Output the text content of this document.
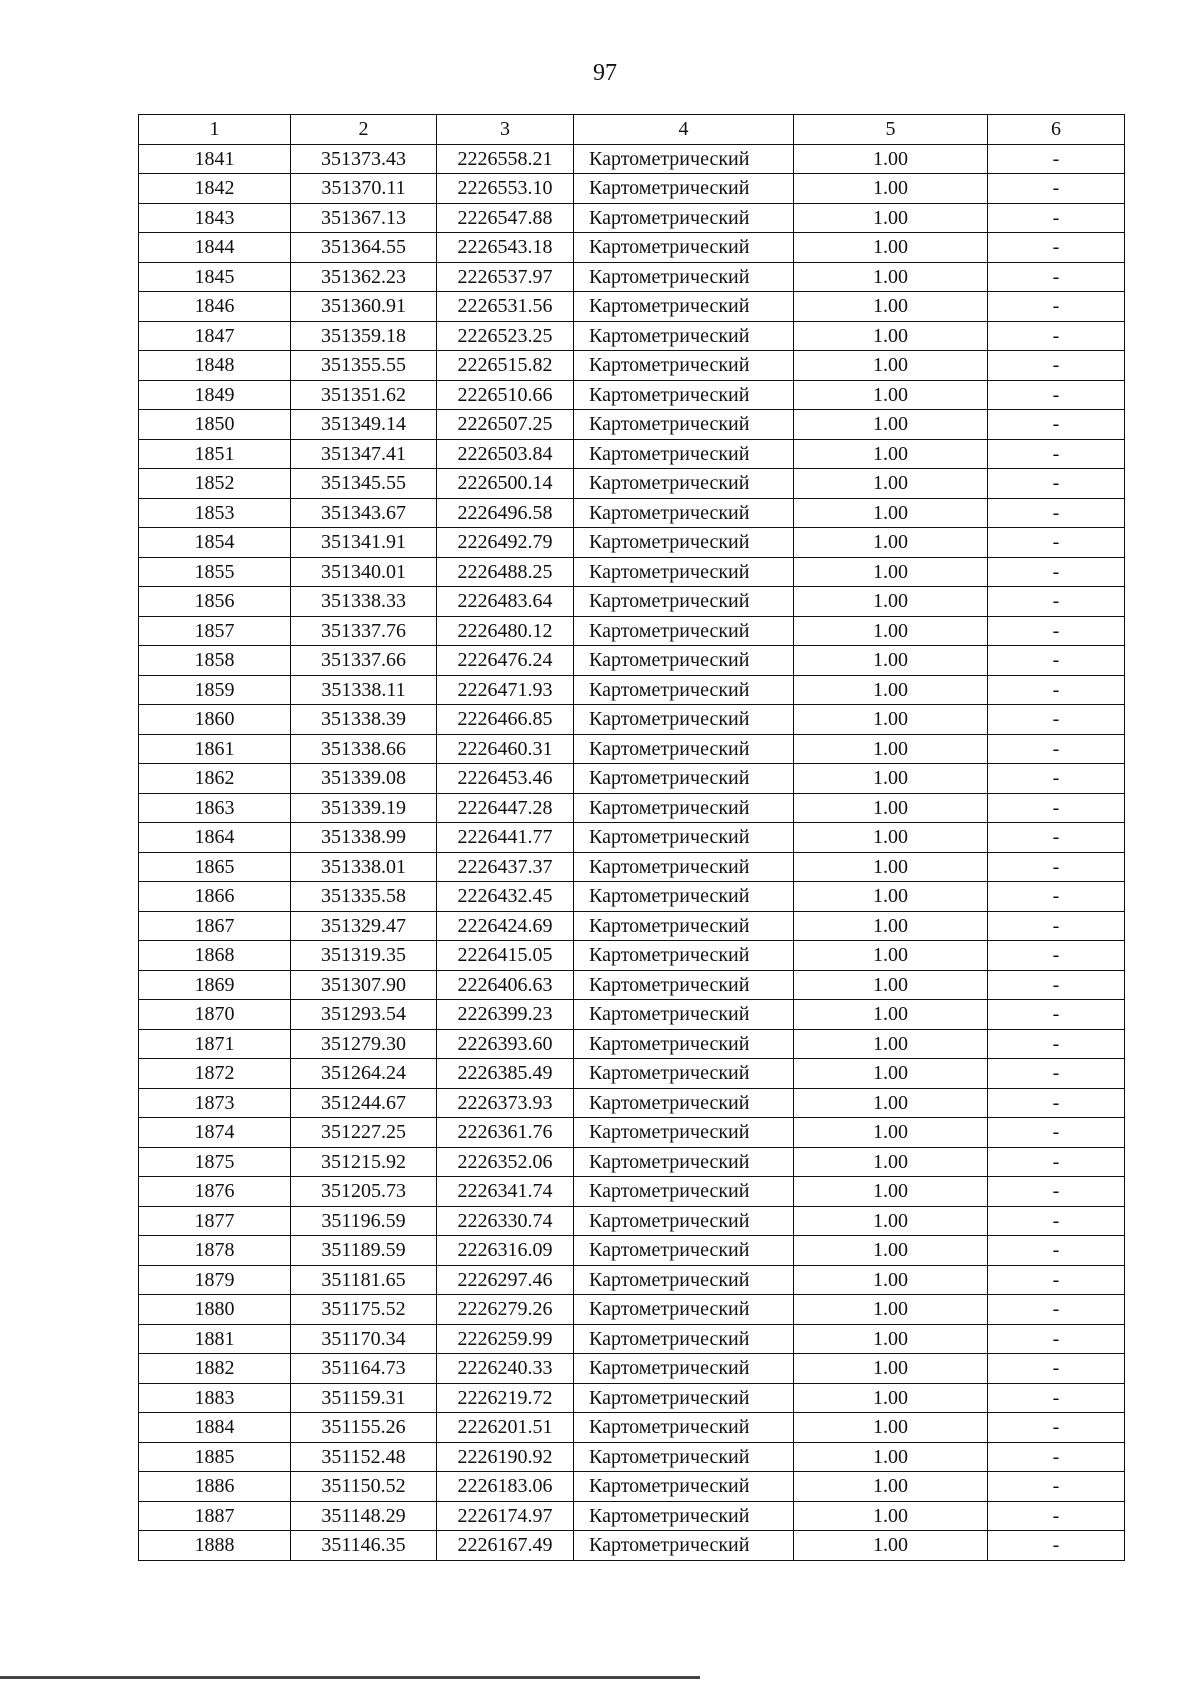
97
1	2	3	4	5	6
1841	351373.43	2226558.21	Картометрический	1.00	-
1842	351370.11	2226553.10	Картометрический	1.00	-
1843	351367.13	2226547.88	Картометрический	1.00	-
1844	351364.55	2226543.18	Картометрический	1.00	-
1845	351362.23	2226537.97	Картометрический	1.00	-
1846	351360.91	2226531.56	Картометрический	1.00	-
1847	351359.18	2226523.25	Картометрический	1.00	-
1848	351355.55	2226515.82	Картометрический	1.00	-
1849	351351.62	2226510.66	Картометрический	1.00	-
1850	351349.14	2226507.25	Картометрический	1.00	-
1851	351347.41	2226503.84	Картометрический	1.00	-
1852	351345.55	2226500.14	Картометрический	1.00	-
1853	351343.67	2226496.58	Картометрический	1.00	-
1854	351341.91	2226492.79	Картометрический	1.00	-
1855	351340.01	2226488.25	Картометрический	1.00	-
1856	351338.33	2226483.64	Картометрический	1.00	-
1857	351337.76	2226480.12	Картометрический	1.00	-
1858	351337.66	2226476.24	Картометрический	1.00	-
1859	351338.11	2226471.93	Картометрический	1.00	-
1860	351338.39	2226466.85	Картометрический	1.00	-
1861	351338.66	2226460.31	Картометрический	1.00	-
1862	351339.08	2226453.46	Картометрический	1.00	-
1863	351339.19	2226447.28	Картометрический	1.00	-
1864	351338.99	2226441.77	Картометрический	1.00	-
1865	351338.01	2226437.37	Картометрический	1.00	-
1866	351335.58	2226432.45	Картометрический	1.00	-
1867	351329.47	2226424.69	Картометрический	1.00	-
1868	351319.35	2226415.05	Картометрический	1.00	-
1869	351307.90	2226406.63	Картометрический	1.00	-
1870	351293.54	2226399.23	Картометрический	1.00	-
1871	351279.30	2226393.60	Картометрический	1.00	-
1872	351264.24	2226385.49	Картометрический	1.00	-
1873	351244.67	2226373.93	Картометрический	1.00	-
1874	351227.25	2226361.76	Картометрический	1.00	-
1875	351215.92	2226352.06	Картометрический	1.00	-
1876	351205.73	2226341.74	Картометрический	1.00	-
1877	351196.59	2226330.74	Картометрический	1.00	-
1878	351189.59	2226316.09	Картометрический	1.00	-
1879	351181.65	2226297.46	Картометрический	1.00	-
1880	351175.52	2226279.26	Картометрический	1.00	-
1881	351170.34	2226259.99	Картометрический	1.00	-
1882	351164.73	2226240.33	Картометрический	1.00	-
1883	351159.31	2226219.72	Картометрический	1.00	-
1884	351155.26	2226201.51	Картометрический	1.00	-
1885	351152.48	2226190.92	Картометрический	1.00	-
1886	351150.52	2226183.06	Картометрический	1.00	-
1887	351148.29	2226174.97	Картометрический	1.00	-
1888	351146.35	2226167.49	Картометрический	1.00	-
